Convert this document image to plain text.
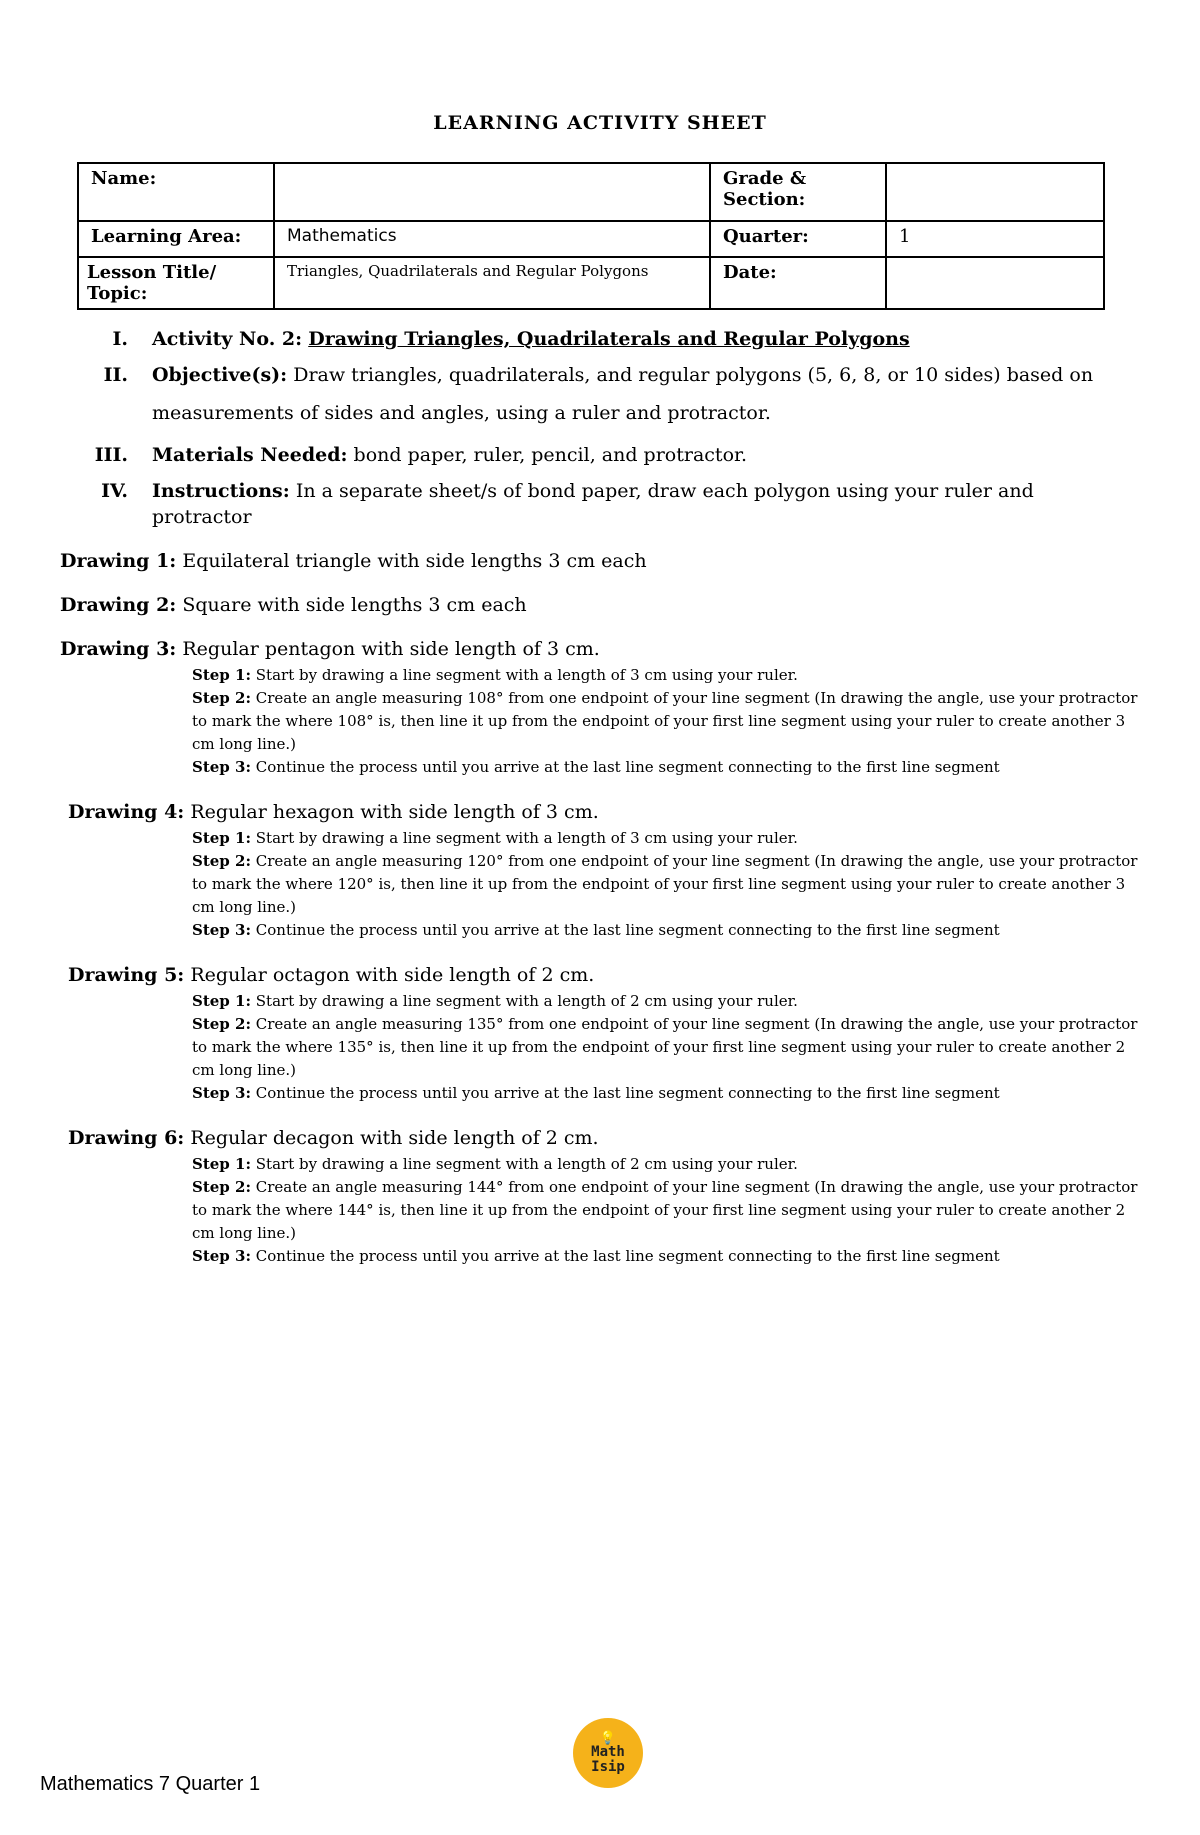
LEARNING ACTIVITY SHEET
Name:		Grade & Section:	
Learning Area:	Mathematics	Quarter:	1
Lesson Title/ Topic:	Triangles, Quadrilaterals and Regular Polygons	Date:	
I.	Activity No. 2: Drawing Triangles, Quadrilaterals and Regular Polygons
II.	Objective(s): Draw triangles, quadrilaterals, and regular polygons (5, 6, 8, or 10 sides) based on measurements of sides and angles, using a ruler and protractor.
III.	Materials Needed: bond paper, ruler, pencil, and protractor.
IV.	Instructions: In a separate sheet/s of bond paper, draw each polygon using your ruler and protractor
Drawing 1: Equilateral triangle with side lengths 3 cm each
Drawing 2: Square with side lengths 3 cm each
Drawing 3: Regular pentagon with side length of 3 cm.
Step 1: Start by drawing a line segment with a length of 3 cm using your ruler.
Step 2: Create an angle measuring 108° from one endpoint of your line segment (In drawing the angle, use your protractor to mark the where 108° is, then line it up from the endpoint of your first line segment using your ruler to create another 3 cm long line.)
Step 3: Continue the process until you arrive at the last line segment connecting to the first line segment
Drawing 4: Regular hexagon with side length of 3 cm.
Step 1: Start by drawing a line segment with a length of 3 cm using your ruler.
Step 2: Create an angle measuring 120° from one endpoint of your line segment (In drawing the angle, use your protractor to mark the where 120° is, then line it up from the endpoint of your first line segment using your ruler to create another 3 cm long line.)
Step 3: Continue the process until you arrive at the last line segment connecting to the first line segment
Drawing 5: Regular octagon with side length of 2 cm.
Step 1: Start by drawing a line segment with a length of 2 cm using your ruler.
Step 2: Create an angle measuring 135° from one endpoint of your line segment (In drawing the angle, use your protractor to mark the where 135° is, then line it up from the endpoint of your first line segment using your ruler to create another 2 cm long line.)
Step 3: Continue the process until you arrive at the last line segment connecting to the first line segment
Drawing 6: Regular decagon with side length of 2 cm.
Step 1: Start by drawing a line segment with a length of 2 cm using your ruler.
Step 2: Create an angle measuring 144° from one endpoint of your line segment (In drawing the angle, use your protractor to mark the where 144° is, then line it up from the endpoint of your first line segment using your ruler to create another 2 cm long line.)
Step 3: Continue the process until you arrive at the last line segment connecting to the first line segment
💡
Math
Isip
Mathematics 7 Quarter 1
